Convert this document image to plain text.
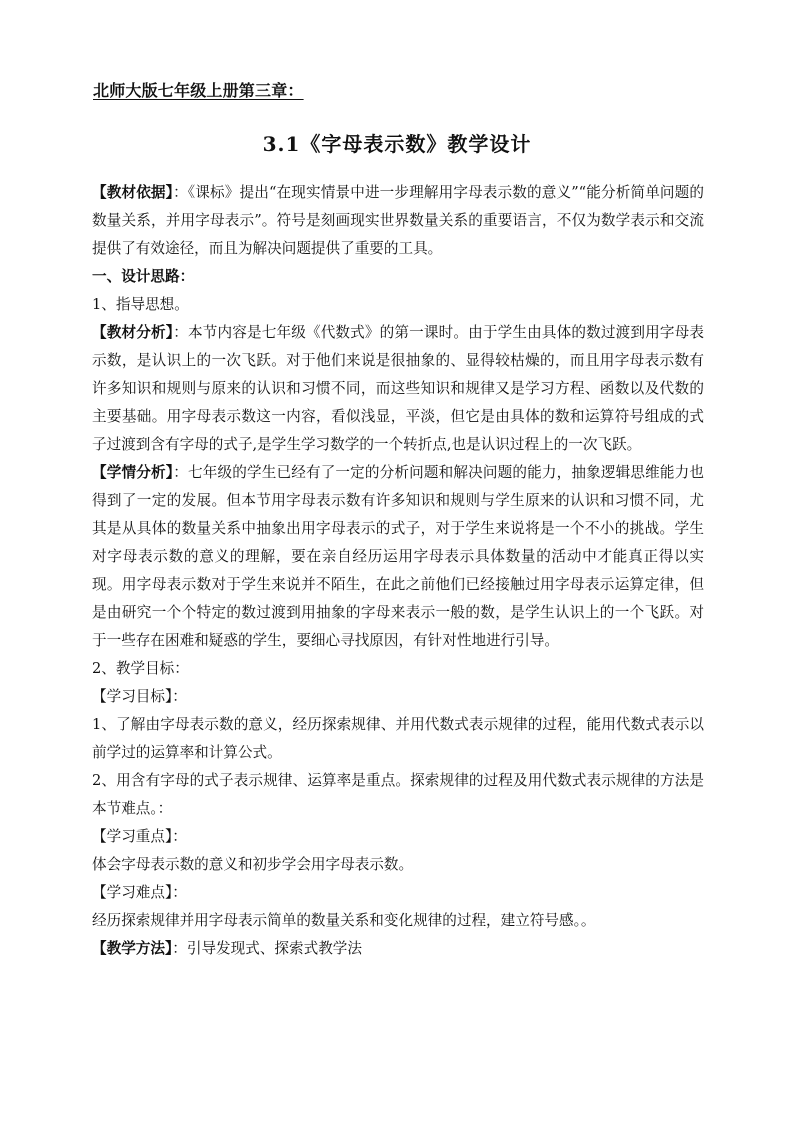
北师大版七年级上册第三章：
3.1《字母表示数》教学设计

【教材依据】：《课标》提出“在现实情景中进一步理解用字母表示数的意义”“能分析简单问题的数量关系，并用字母表示”。符号是刻画现实世界数量关系的重要语言，不仅为数学表示和交流提供了有效途径，而且为解决问题提供了重要的工具。

一、设计思路：

1、指导思想。

【教材分析】：本节内容是七年级《代数式》的第一课时。由于学生由具体的数过渡到用字母表示数，是认识上的一次飞跃。对于他们来说是很抽象的、显得较枯燥的，而且用字母表示数有许多知识和规则与原来的认识和习惯不同，而这些知识和规律又是学习方程、函数以及代数的主要基础。用字母表示数这一内容，看似浅显，平淡，但它是由具体的数和运算符号组成的式子过渡到含有字母的式子,是学生学习数学的一个转折点,也是认识过程上的一次飞跃。

【学情分析】：七年级的学生已经有了一定的分析问题和解决问题的能力，抽象逻辑思维能力也得到了一定的发展。但本节用字母表示数有许多知识和规则与学生原来的认识和习惯不同，尤其是从具体的数量关系中抽象出用字母表示的式子，对于学生来说将是一个不小的挑战。学生对字母表示数的意义的理解，要在亲自经历运用字母表示具体数量的活动中才能真正得以实现。用字母表示数对于学生来说并不陌生，在此之前他们已经接触过用字母表示运算定律，但是由研究一个个特定的数过渡到用抽象的字母来表示一般的数，是学生认识上的一个飞跃。对于一些存在困难和疑惑的学生，要细心寻找原因，有针对性地进行引导。

2、教学目标：

【学习目标】：

1、了解由字母表示数的意义，经历探索规律、并用代数式表示规律的过程，能用代数式表示以前学过的运算率和计算公式。

2、用含有字母的式子表示规律、运算率是重点。探索规律的过程及用代数式表示规律的方法是本节难点。：

【学习重点】：

体会字母表示数的意义和初步学会用字母表示数。

【学习难点】：

经历探索规律并用字母表示简单的数量关系和变化规律的过程，建立符号感。。

【教学方法】：引导发现式、探索式教学法
